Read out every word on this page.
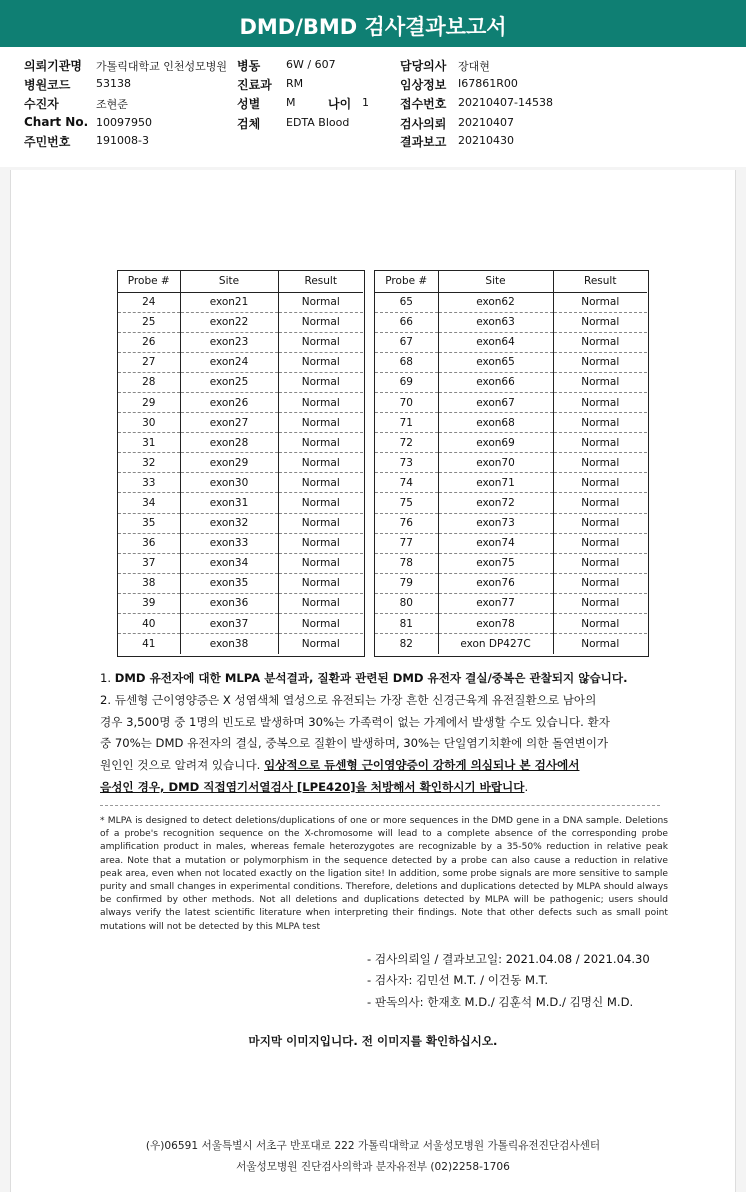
DMD/BMD 검사결과보고서
의뢰기관명 가톨릭대학교 인천성모병원
병원코드 53138
수진자	조현준
Chart No. 10097950
주민번호 191008-3
병동 6W / 607
진료과 RM
성별 M	나이 1
검체 EDTA Blood
담당의사 장대현
임상정보 I67861R00
접수번호 20210407-14538
검사의뢰 20210407
결과보고 20210430
Probe #	Site	Result
24	exon21	Normal
25	exon22	Normal
26	exon23	Normal
27	exon24	Normal
28	exon25	Normal
29	exon26	Normal
30	exon27	Normal
31	exon28	Normal
32	exon29	Normal
33	exon30	Normal
34	exon31	Normal
35	exon32	Normal
36	exon33	Normal
37	exon34	Normal
38	exon35	Normal
39	exon36	Normal
40	exon37	Normal
41	exon38	Normal
Probe #	Site	Result
65	exon62	Normal
66	exon63	Normal
67	exon64	Normal
68	exon65	Normal
69	exon66	Normal
70	exon67	Normal
71	exon68	Normal
72	exon69	Normal
73	exon70	Normal
74	exon71	Normal
75	exon72	Normal
76	exon73	Normal
77	exon74	Normal
78	exon75	Normal
79	exon76	Normal
80	exon77	Normal
81	exon78	Normal
82	exon DP427C	Normal
1. DMD 유전자에 대한 MLPA 분석결과, 질환과 관련된 DMD 유전자 결실/중복은 관찰되지 않습니다.
2. 듀센형 근이영양증은 X 성염색체 열성으로 유전되는 가장 흔한 신경근육계 유전질환으로 남아의
경우 3,500명 중 1명의 빈도로 발생하며 30%는 가족력이 없는 가계에서 발생할 수도 있습니다. 환자
중 70%는 DMD 유전자의 결실, 중복으로 질환이 발생하며, 30%는 단일염기치환에 의한 돌연변이가
원인인 것으로 알려져 있습니다. 임상적으로 듀센형 근이영양증이 강하게 의심되나 본 검사에서
음성인 경우, DMD 직접염기서열검사 [LPE420]을 처방해서 확인하시기 바랍니다.
* MLPA is designed to detect deletions/duplications of one or more sequences in the DMD gene in a DNA sample. Deletions of a probe's recognition sequence on the X-chromosome will lead to a complete absence of the corresponding probe amplification product in males, whereas female heterozygotes are recognizable by a 35-50% reduction in relative peak area. Note that a mutation or polymorphism in the sequence detected by a probe can also cause a reduction in relative peak area, even when not located exactly on the ligation site! In addition, some probe signals are more sensitive to sample purity and small changes in experimental conditions. Therefore, deletions and duplications detected by MLPA should always be confirmed by other methods. Not all deletions and duplications detected by MLPA will be pathogenic; users should always verify the latest scientific literature when interpreting their findings. Note that other defects such as small point mutations will not be detected by this MLPA test
- 검사의뢰일 / 결과보고일: 2021.04.08 / 2021.04.30
- 검사자: 김민선 M.T. / 이건동 M.T.
- 판독의사: 한재호 M.D./ 김훈석 M.D./ 김명신 M.D.
마지막 이미지입니다. 전 이미지를 확인하십시오.
(우)06591 서울특별시 서초구 반포대로 222 가톨릭대학교 서울성모병원 가톨릭유전진단검사센터
서울성모병원 진단검사의학과 분자유전부 (02)2258-1706
